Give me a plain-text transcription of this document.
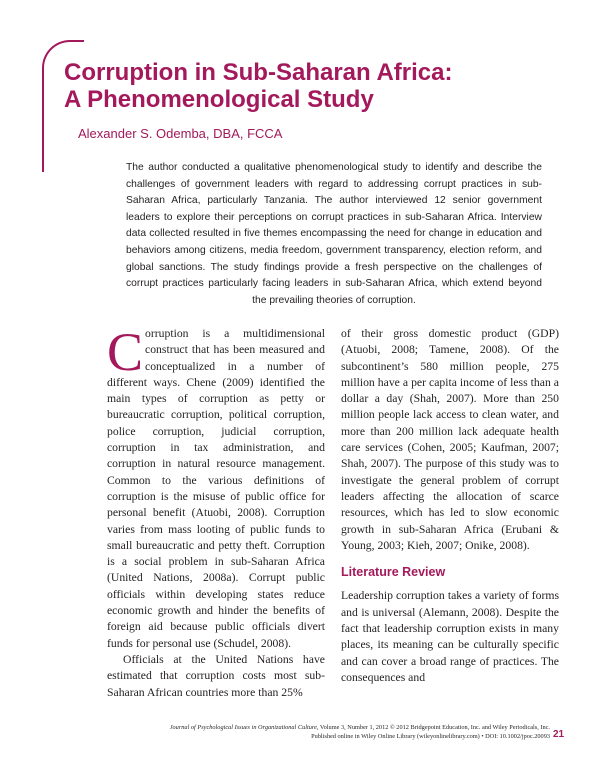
Corruption in Sub-Saharan Africa:
A Phenomenological Study
Alexander S. Odemba, DBA, FCCA

The author conducted a qualitative phenomenological study to identify and describe the challenges of government leaders with regard to addressing corrupt practices in sub-Saharan Africa, particularly Tanzania. The author interviewed 12 senior government leaders to explore their perceptions on corrupt practices in sub-Saharan Africa. Interview data collected resulted in five themes encompassing the need for change in education and behaviors among citizens, media freedom, government transparency, election reform, and global sanctions. The study findings provide a fresh perspective on the challenges of corrupt practices particularly facing leaders in sub-Saharan Africa, which extend beyond the prevailing theories of corruption.

Corruption is a multidimensional construct that has been measured and conceptualized in a number of different ways. Chene (2009) identified the main types of corruption as petty or bureaucratic corruption, political corruption, police corruption, judicial corruption, corruption in tax administration, and corruption in natural resource management. Common to the various definitions of corruption is the misuse of public office for personal benefit (Atuobi, 2008). Corruption varies from mass looting of public funds to small bureaucratic and petty theft. Corruption is a social problem in sub-Saharan Africa (United Nations, 2008a). Corrupt public officials within developing states reduce economic growth and hinder the benefits of foreign aid because public officials divert funds for personal use (Schudel, 2008).

Officials at the United Nations have estimated that corruption costs most sub-Saharan African countries more than 25%

of their gross domestic product (GDP) (Atuobi, 2008; Tamene, 2008). Of the subcontinent’s 580 million people, 275 million have a per capita income of less than a dollar a day (Shah, 2007). More than 250 million people lack access to clean water, and more than 200 million lack adequate health care services (Cohen, 2005; Kaufman, 2007; Shah, 2007). The purpose of this study was to investigate the general problem of corrupt leaders affecting the allocation of scarce resources, which has led to slow economic growth in sub-Saharan Africa (Erubani & Young, 2003; Kieh, 2007; Onike, 2008).

Literature Review

Leadership corruption takes a variety of forms and is universal (Alemann, 2008). Despite the fact that leadership corruption exists in many places, its meaning can be culturally specific and can cover a broad range of practices. The consequences and

Journal of Psychological Issues in Organizational Culture, Volume 3, Number 1, 2012 © 2012 Bridgepoint Education, Inc. and Wiley Periodicals, Inc.
Published online in Wiley Online Library (wileyonlinelibrary.com) • DOI: 10.1002/jpoc.20093 21
